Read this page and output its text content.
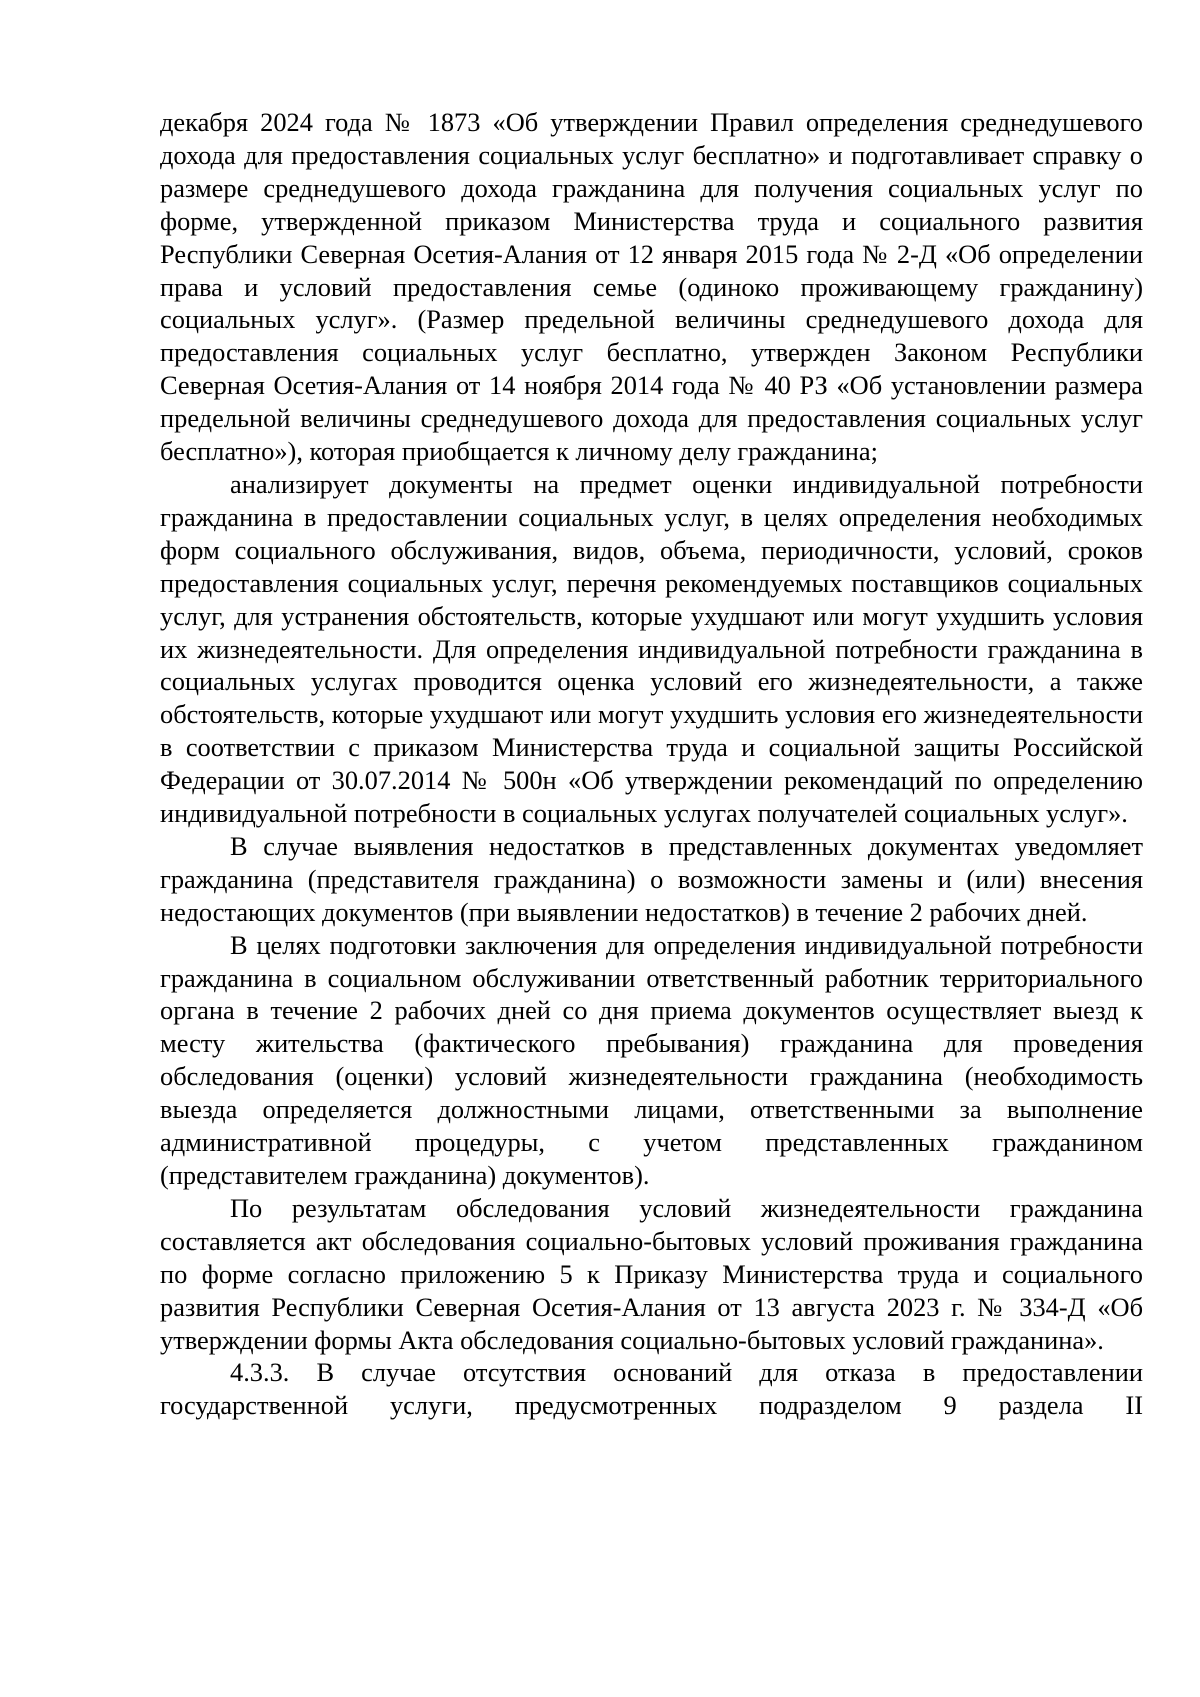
декабря 2024 года № 1873 «Об утверждении Правил определения среднедушевого дохода для предоставления социальных услуг бесплатно» и подготавливает справку о размере среднедушевого дохода гражданина для получения социальных услуг по форме, утвержденной приказом Министерства труда и социального развития Республики Северная Осетия-Алания от 12 января 2015 года № 2-Д «Об определении права и условий предоставления семье (одиноко проживающему гражданину) социальных услуг». (Размер предельной величины среднедушевого дохода для предоставления социальных услуг бесплатно, утвержден Законом Республики Северная Осетия-Алания от 14 ноября 2014 года № 40 РЗ «Об установлении размера предельной величины среднедушевого дохода для предоставления социальных услуг бесплатно»), которая приобщается к личному делу гражданина;

анализирует документы на предмет оценки индивидуальной потребности гражданина в предоставлении социальных услуг, в целях определения необходимых форм социального обслуживания, видов, объема, периодичности, условий, сроков предоставления социальных услуг, перечня рекомендуемых поставщиков социальных услуг, для устранения обстоятельств, которые ухудшают или могут ухудшить условия их жизнедеятельности. Для определения индивидуальной потребности гражданина в социальных услугах проводится оценка условий его жизнедеятельности, а также обстоятельств, которые ухудшают или могут ухудшить условия его жизнедеятельности в соответствии с приказом Министерства труда и социальной защиты Российской Федерации от 30.07.2014 № 500н «Об утверждении рекомендаций по определению индивидуальной потребности в социальных услугах получателей социальных услуг».

В случае выявления недостатков в представленных документах уведомляет гражданина (представителя гражданина) о возможности замены и (или) внесения недостающих документов (при выявлении недостатков) в течение 2 рабочих дней.

В целях подготовки заключения для определения индивидуальной потребности гражданина в социальном обслуживании ответственный работник территориального органа в течение 2 рабочих дней со дня приема документов осуществляет выезд к месту жительства (фактического пребывания) гражданина для проведения обследования (оценки) условий жизнедеятельности гражданина (необходимость выезда определяется должностными лицами, ответственными за выполнение административной процедуры, с учетом представленных гражданином (представителем гражданина) документов).

По результатам обследования условий жизнедеятельности гражданина составляется акт обследования социально-бытовых условий проживания гражданина по форме согласно приложению 5 к Приказу Министерства труда и социального развития Республики Северная Осетия-Алания от 13 августа 2023 г. № 334-Д «Об утверждении формы Акта обследования социально-бытовых условий гражданина».

4.3.3. В случае отсутствия оснований для отказа в предоставлении государственной услуги, предусмотренных подразделом 9 раздела II
